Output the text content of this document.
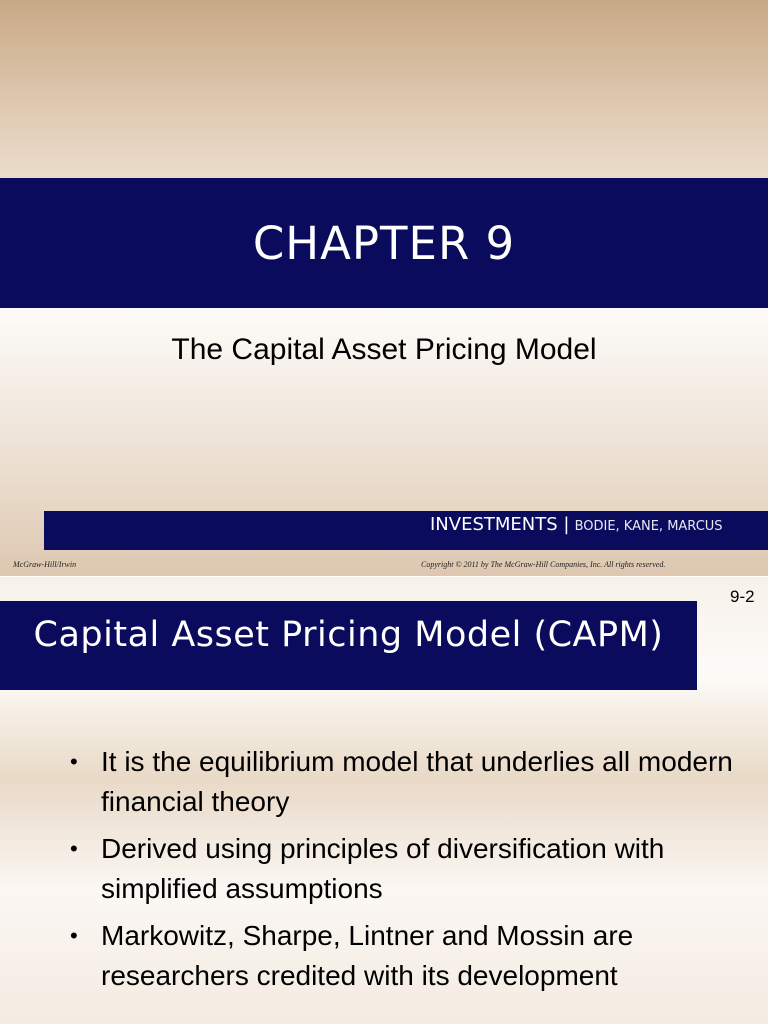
CHAPTER 9
The Capital Asset Pricing Model
INVESTMENTS | BODIE, KANE, MARCUS
McGraw-Hill/Irwin	Copyright © 2011 by The McGraw-Hill Companies, Inc. All rights reserved.
9-2
Capital Asset Pricing Model (CAPM)
• It is the equilibrium model that underlies all modern financial theory
• Derived using principles of diversification with simplified assumptions
• Markowitz, Sharpe, Lintner and Mossin are researchers credited with its development
